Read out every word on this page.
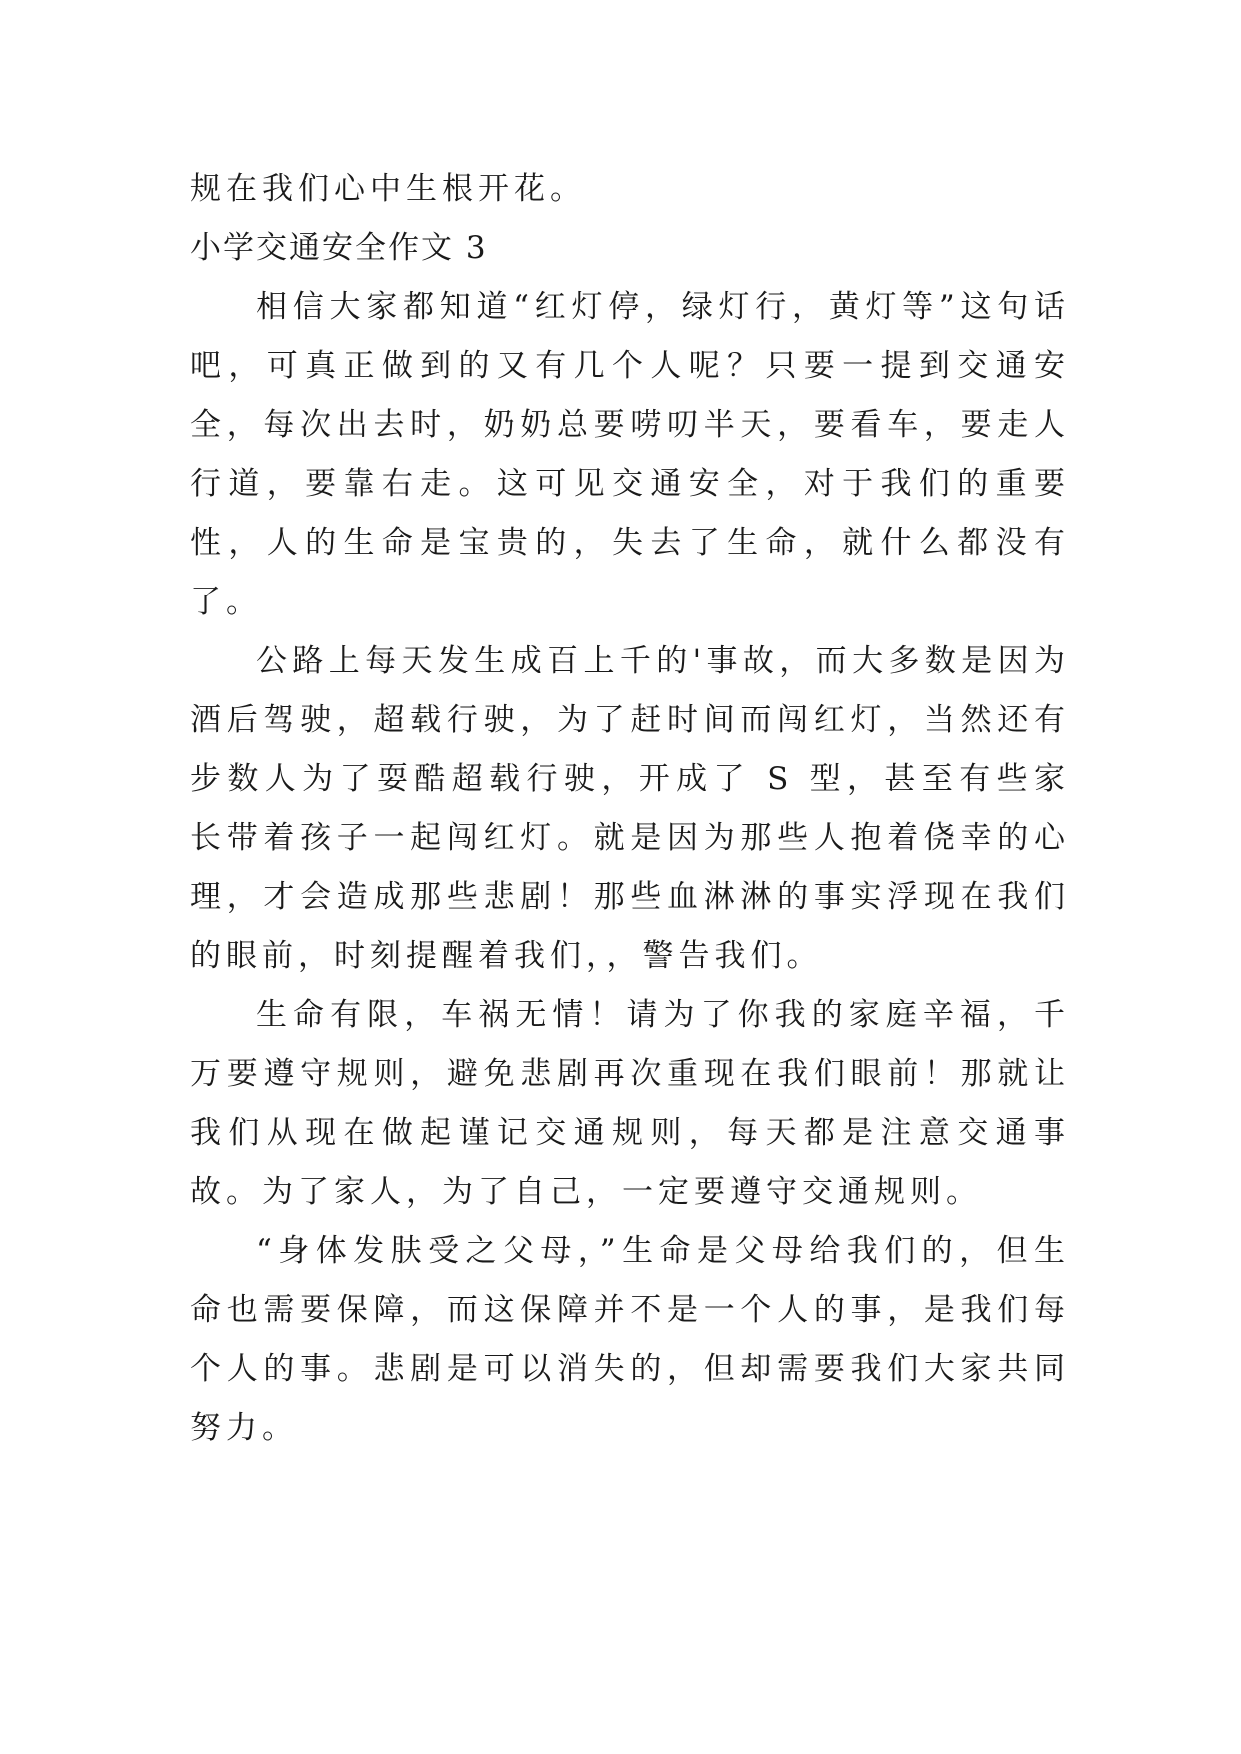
规在我们心中生根开花。

小学交通安全作文 3

相信大家都知道“红灯停，绿灯行，黄灯等”这句话吧，可真正做到的又有几个人呢？只要一提到交通安全，每次出去时，奶奶总要唠叨半天，要看车，要走人行道，要靠右走。这可见交通安全，对于我们的重要性，人的生命是宝贵的，失去了生命，就什么都没有了。

公路上每天发生成百上千的'事故，而大多数是因为酒后驾驶，超载行驶，为了赶时间而闯红灯，当然还有步数人为了耍酷超载行驶，开成了 S 型，甚至有些家长带着孩子一起闯红灯。就是因为那些人抱着侥幸的心理，才会造成那些悲剧！那些血淋淋的事实浮现在我们的眼前，时刻提醒着我们，，警告我们。

生命有限，车祸无情！请为了你我的家庭辛福，千万要遵守规则，避免悲剧再次重现在我们眼前！那就让我们从现在做起谨记交通规则，每天都是注意交通事故。为了家人，为了自己，一定要遵守交通规则。

“身体发肤受之父母，”生命是父母给我们的，但生命也需要保障，而这保障并不是一个人的事，是我们每个人的事。悲剧是可以消失的，但却需要我们大家共同努力。
